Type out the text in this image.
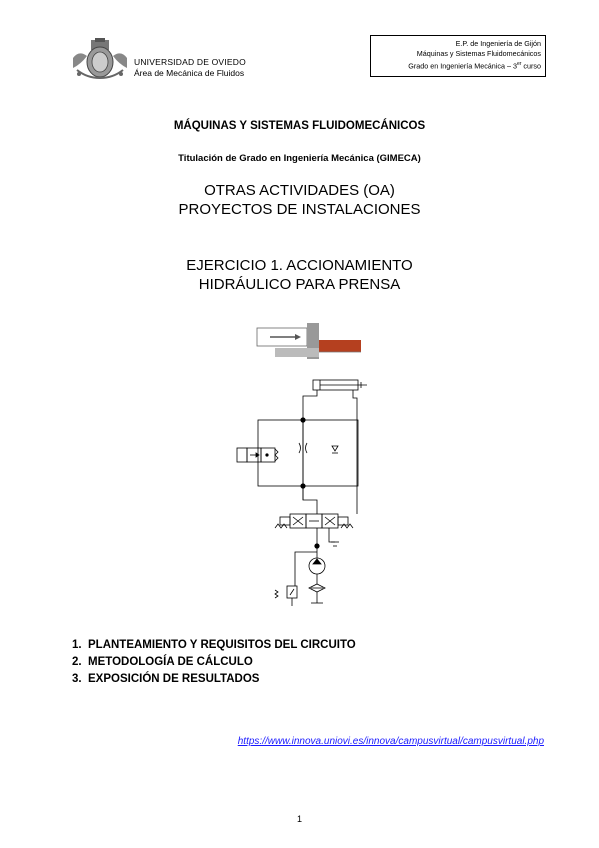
UNIVERSIDAD DE OVIEDO
Área de Mecánica de Fluidos
E.P. de Ingeniería de Gijón
Máquinas y Sistemas Fluidomecánicos
Grado en Ingeniería Mecánica – 3er curso
MÁQUINAS Y SISTEMAS FLUIDOMECÁNICOS
Titulación de Grado en Ingeniería Mecánica (GIMECA)
OTRAS ACTIVIDADES (OA)
PROYECTOS DE INSTALACIONES
EJERCICIO 1. ACCIONAMIENTO
HIDRÁULICO PARA PRENSA
1. PLANTEAMIENTO Y REQUISITOS DEL CIRCUITO
2. METODOLOGÍA DE CÁLCULO
3. EXPOSICIÓN DE RESULTADOS
https://www.innova.uniovi.es/innova/campusvirtual/campusvirtual.php
1
